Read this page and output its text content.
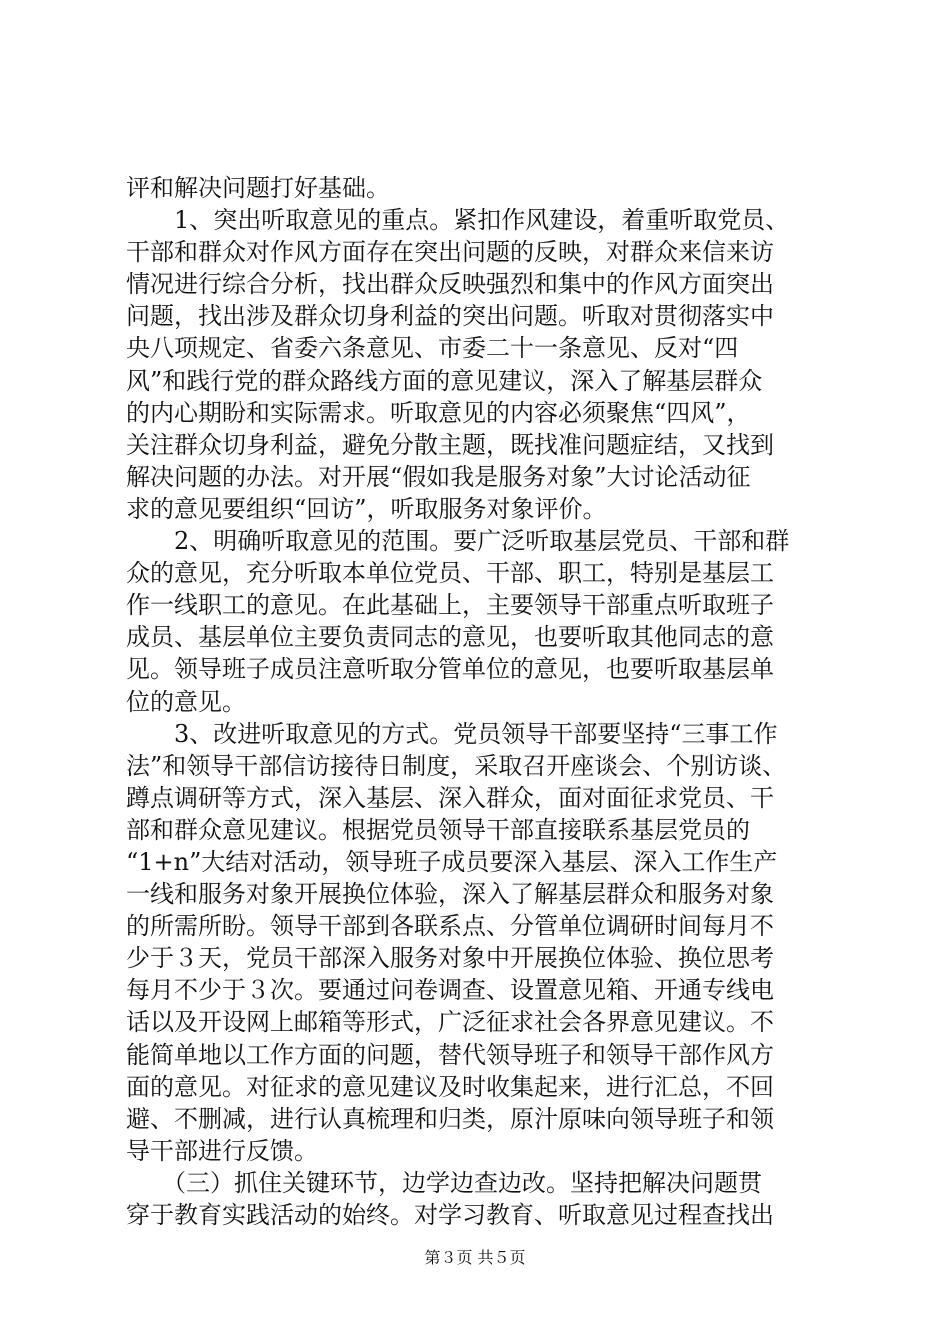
评和解决问题打好基础。
　　1、突出听取意见的重点。紧扣作风建设，着重听取党员、
干部和群众对作风方面存在突出问题的反映，对群众来信来访
情况进行综合分析，找出群众反映强烈和集中的作风方面突出
问题，找出涉及群众切身利益的突出问题。听取对贯彻落实中
央八项规定、省委六条意见、市委二十一条意见、反对“四
风”和践行党的群众路线方面的意见建议，深入了解基层群众
的内心期盼和实际需求。听取意见的内容必须聚焦“四风”，
关注群众切身利益，避免分散主题，既找准问题症结，又找到
解决问题的办法。对开展“假如我是服务对象”大讨论活动征
求的意见要组织“回访”，听取服务对象评价。
　　2、明确听取意见的范围。要广泛听取基层党员、干部和群
众的意见，充分听取本单位党员、干部、职工，特别是基层工
作一线职工的意见。在此基础上，主要领导干部重点听取班子
成员、基层单位主要负责同志的意见，也要听取其他同志的意
见。领导班子成员注意听取分管单位的意见，也要听取基层单
位的意见。
　　3、改进听取意见的方式。党员领导干部要坚持“三事工作
法”和领导干部信访接待日制度，采取召开座谈会、个别访谈、
蹲点调研等方式，深入基层、深入群众，面对面征求党员、干
部和群众意见建议。根据党员领导干部直接联系基层党员的
“1+n”大结对活动，领导班子成员要深入基层、深入工作生产
一线和服务对象开展换位体验，深入了解基层群众和服务对象
的所需所盼。领导干部到各联系点、分管单位调研时间每月不
少于３天，党员干部深入服务对象中开展换位体验、换位思考
每月不少于３次。要通过问卷调查、设置意见箱、开通专线电
话以及开设网上邮箱等形式，广泛征求社会各界意见建议。不
能简单地以工作方面的问题，替代领导班子和领导干部作风方
面的意见。对征求的意见建议及时收集起来，进行汇总，不回
避、不删减，进行认真梳理和归类，原汁原味向领导班子和领
导干部进行反馈。
　　（三）抓住关键环节，边学边查边改。坚持把解决问题贯
穿于教育实践活动的始终。对学习教育、听取意见过程查找出
第３页 共５页
